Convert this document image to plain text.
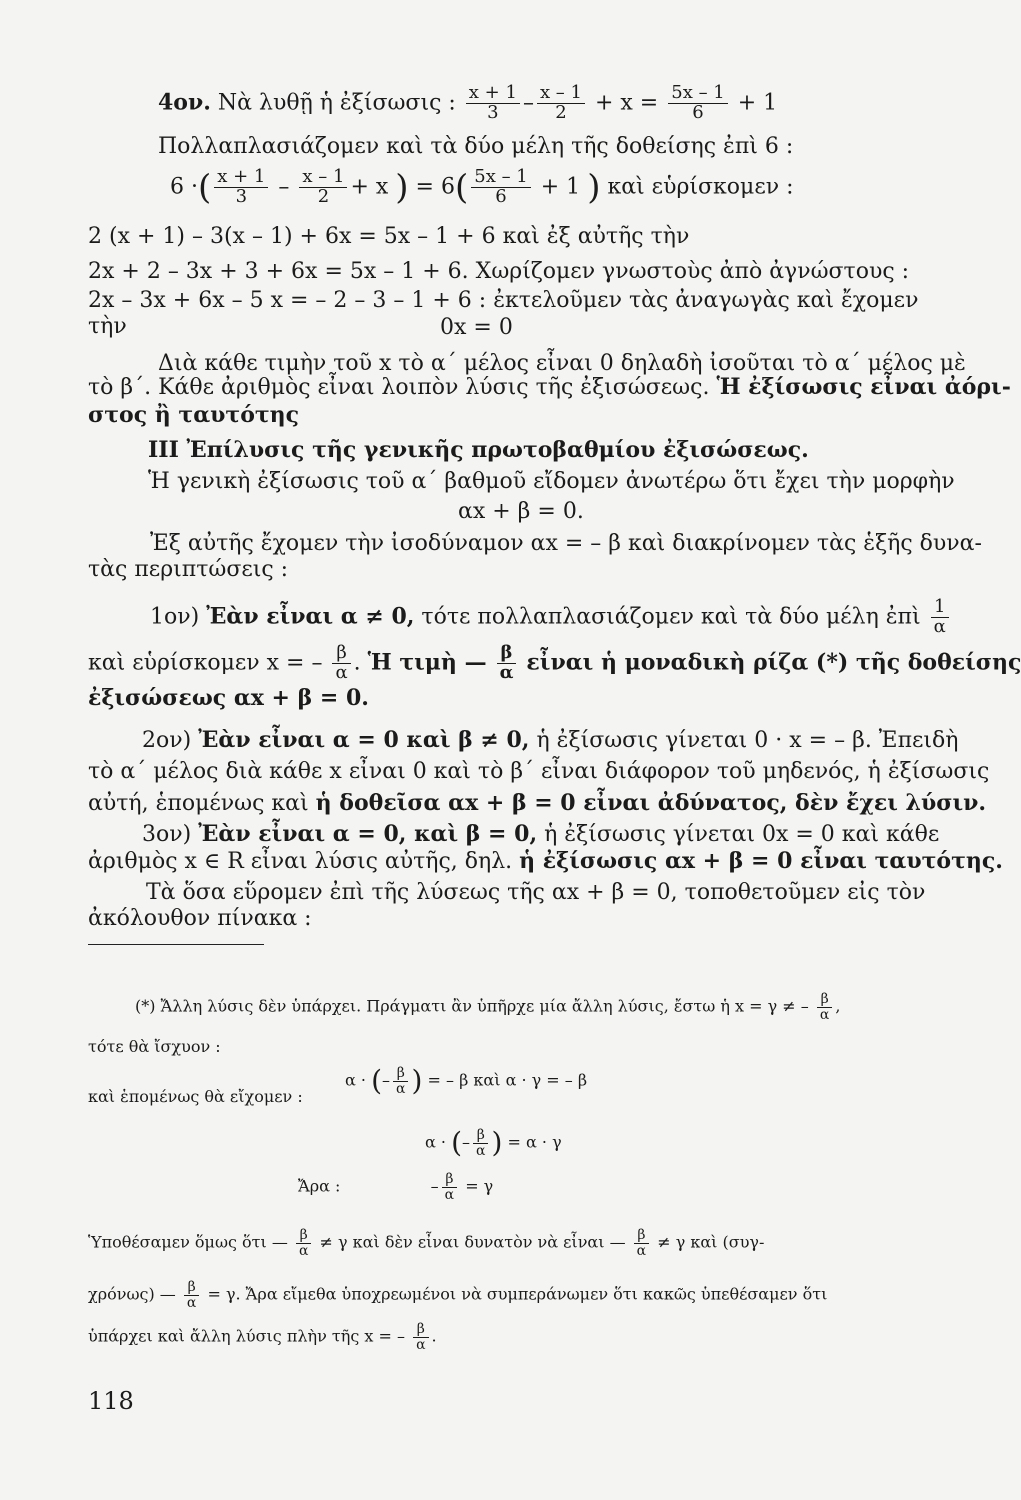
4ον. Νὰ λυθῇ ἡ ἐξίσωσις : $\frac{x + 1}{3} - \frac{x - 1}{2} + x = \frac{5x - 1}{6} + 1$
Πολλαπλασιάζομεν καὶ τὰ δύο μέλη τῆς δοθείσης ἐπὶ 6 :
6 ·( $\frac{x + 1}{3} - \frac{x - 1}{2} + x$ ) = $6( \frac{5x - 1}{6} + 1$ ) καὶ εὑρίσκομεν :
2 (x + 1) – 3(x – 1) + 6x = 5x – 1 + 6 καὶ ἐξ αὐτῆς τὴν
2x + 2 – 3x + 3 + 6x = 5x – 1 + 6. Χωρίζομεν γνωστοὺς ἀπὸ ἀγνώστους :
2x – 3x + 6x – 5 x = – 2 – 3 – 1 + 6 : ἐκτελοῦμεν τὰς ἀναγωγὰς καὶ ἔχομεν
τὴν	0x = 0
Διὰ κάθε τιμὴν τοῦ x τὸ α΄ μέλος εἶναι 0 δηλαδὴ ἰσοῦται τὸ α΄ μέλος μὲ
τὸ β΄. Κάθε ἀριθμὸς εἶναι λοιπὸν λύσις τῆς ἐξισώσεως. Ἡ ἐξίσωσις εἶναι ἀόρι-
στος ἢ ταυτότης
III Ἐπίλυσις τῆς γενικῆς πρωτοβαθμίου ἐξισώσεως.
Ἡ γενικὴ ἐξίσωσις τοῦ α΄ βαθμοῦ εἴδομεν ἀνωτέρω ὅτι ἔχει τὴν μορφὴν
αx + β = 0.
Ἐξ αὐτῆς ἔχομεν τὴν ἰσοδύναμον αx = – β καὶ διακρίνομεν τὰς ἑξῆς δυνα-
τὰς περιπτώσεις :
1ον) Ἐὰν εἶναι α ≠ 0, τότε πολλαπλασιάζομεν καὶ τὰ δύο μέλη ἐπὶ $\frac{1}{\alpha}$
καὶ εὑρίσκομεν x = – $\frac{\beta}{\alpha}$ . Ἡ τιμὴ — $\frac{\beta}{\alpha}$ εἶναι ἡ μοναδικὴ ρίζα (*) τῆς δοθείσης
ἐξισώσεως αx + β = 0.
2ον) Ἐὰν εἶναι α = 0 καὶ β ≠ 0, ἡ ἐξίσωσις γίνεται 0 · x = – β. Ἐπειδὴ
τὸ α΄ μέλος διὰ κάθε x εἶναι 0 καὶ τὸ β΄ εἶναι διάφορον τοῦ μηδενός, ἡ ἐξίσωσις
αὐτή, ἑπομένως καὶ ἡ δοθεῖσα αx + β = 0 εἶναι ἀδύνατος, δὲν ἔχει λύσιν.
3ον) Ἐὰν εἶναι α = 0, καὶ β = 0, ἡ ἐξίσωσις γίνεται 0x = 0 καὶ κάθε
ἀριθμὸς x ∈ R εἶναι λύσις αὐτῆς, δηλ. ἡ ἐξίσωσις αx + β = 0 εἶναι ταυτότης.
Τὰ ὅσα εὕρομεν ἐπὶ τῆς λύσεως τῆς αx + β = 0, τοποθετοῦμεν εἰς τὸν
ἀκόλουθον πίνακα :
(*) Ἄλλη λύσις δὲν ὑπάρχει. Πράγματι ἂν ὑπῆρχε μία ἄλλη λύσις, ἔστω ἡ x = γ ≠ – $\frac{\beta}{\alpha}$ ,
τότε θὰ ἴσχυον :
α · (– $\frac{\beta}{\alpha}$ ) = – β καὶ α · γ = – β
καὶ ἑπομένως θὰ εἴχομεν :
α · (– $\frac{\beta}{\alpha}$ ) = α · γ
Ἄρα :	– $\frac{\beta}{\alpha} = \gamma$
Ὑποθέσαμεν ὅμως ὅτι — $\frac{\beta}{\alpha} \ne \gamma$ καὶ δὲν εἶναι δυνατὸν νὰ εἶναι — $\frac{\beta}{\alpha} \ne \gamma$ καὶ (συγ-
χρόνως) — $\frac{\beta}{\alpha} = \gamma$. Ἄρα εἴμεθα ὑποχρεωμένοι νὰ συμπεράνωμεν ὅτι κακῶς ὑπεθέσαμεν ὅτι
ὑπάρχει καὶ ἄλλη λύσις πλὴν τῆς x = – $\frac{\beta}{\alpha}$ .
118
